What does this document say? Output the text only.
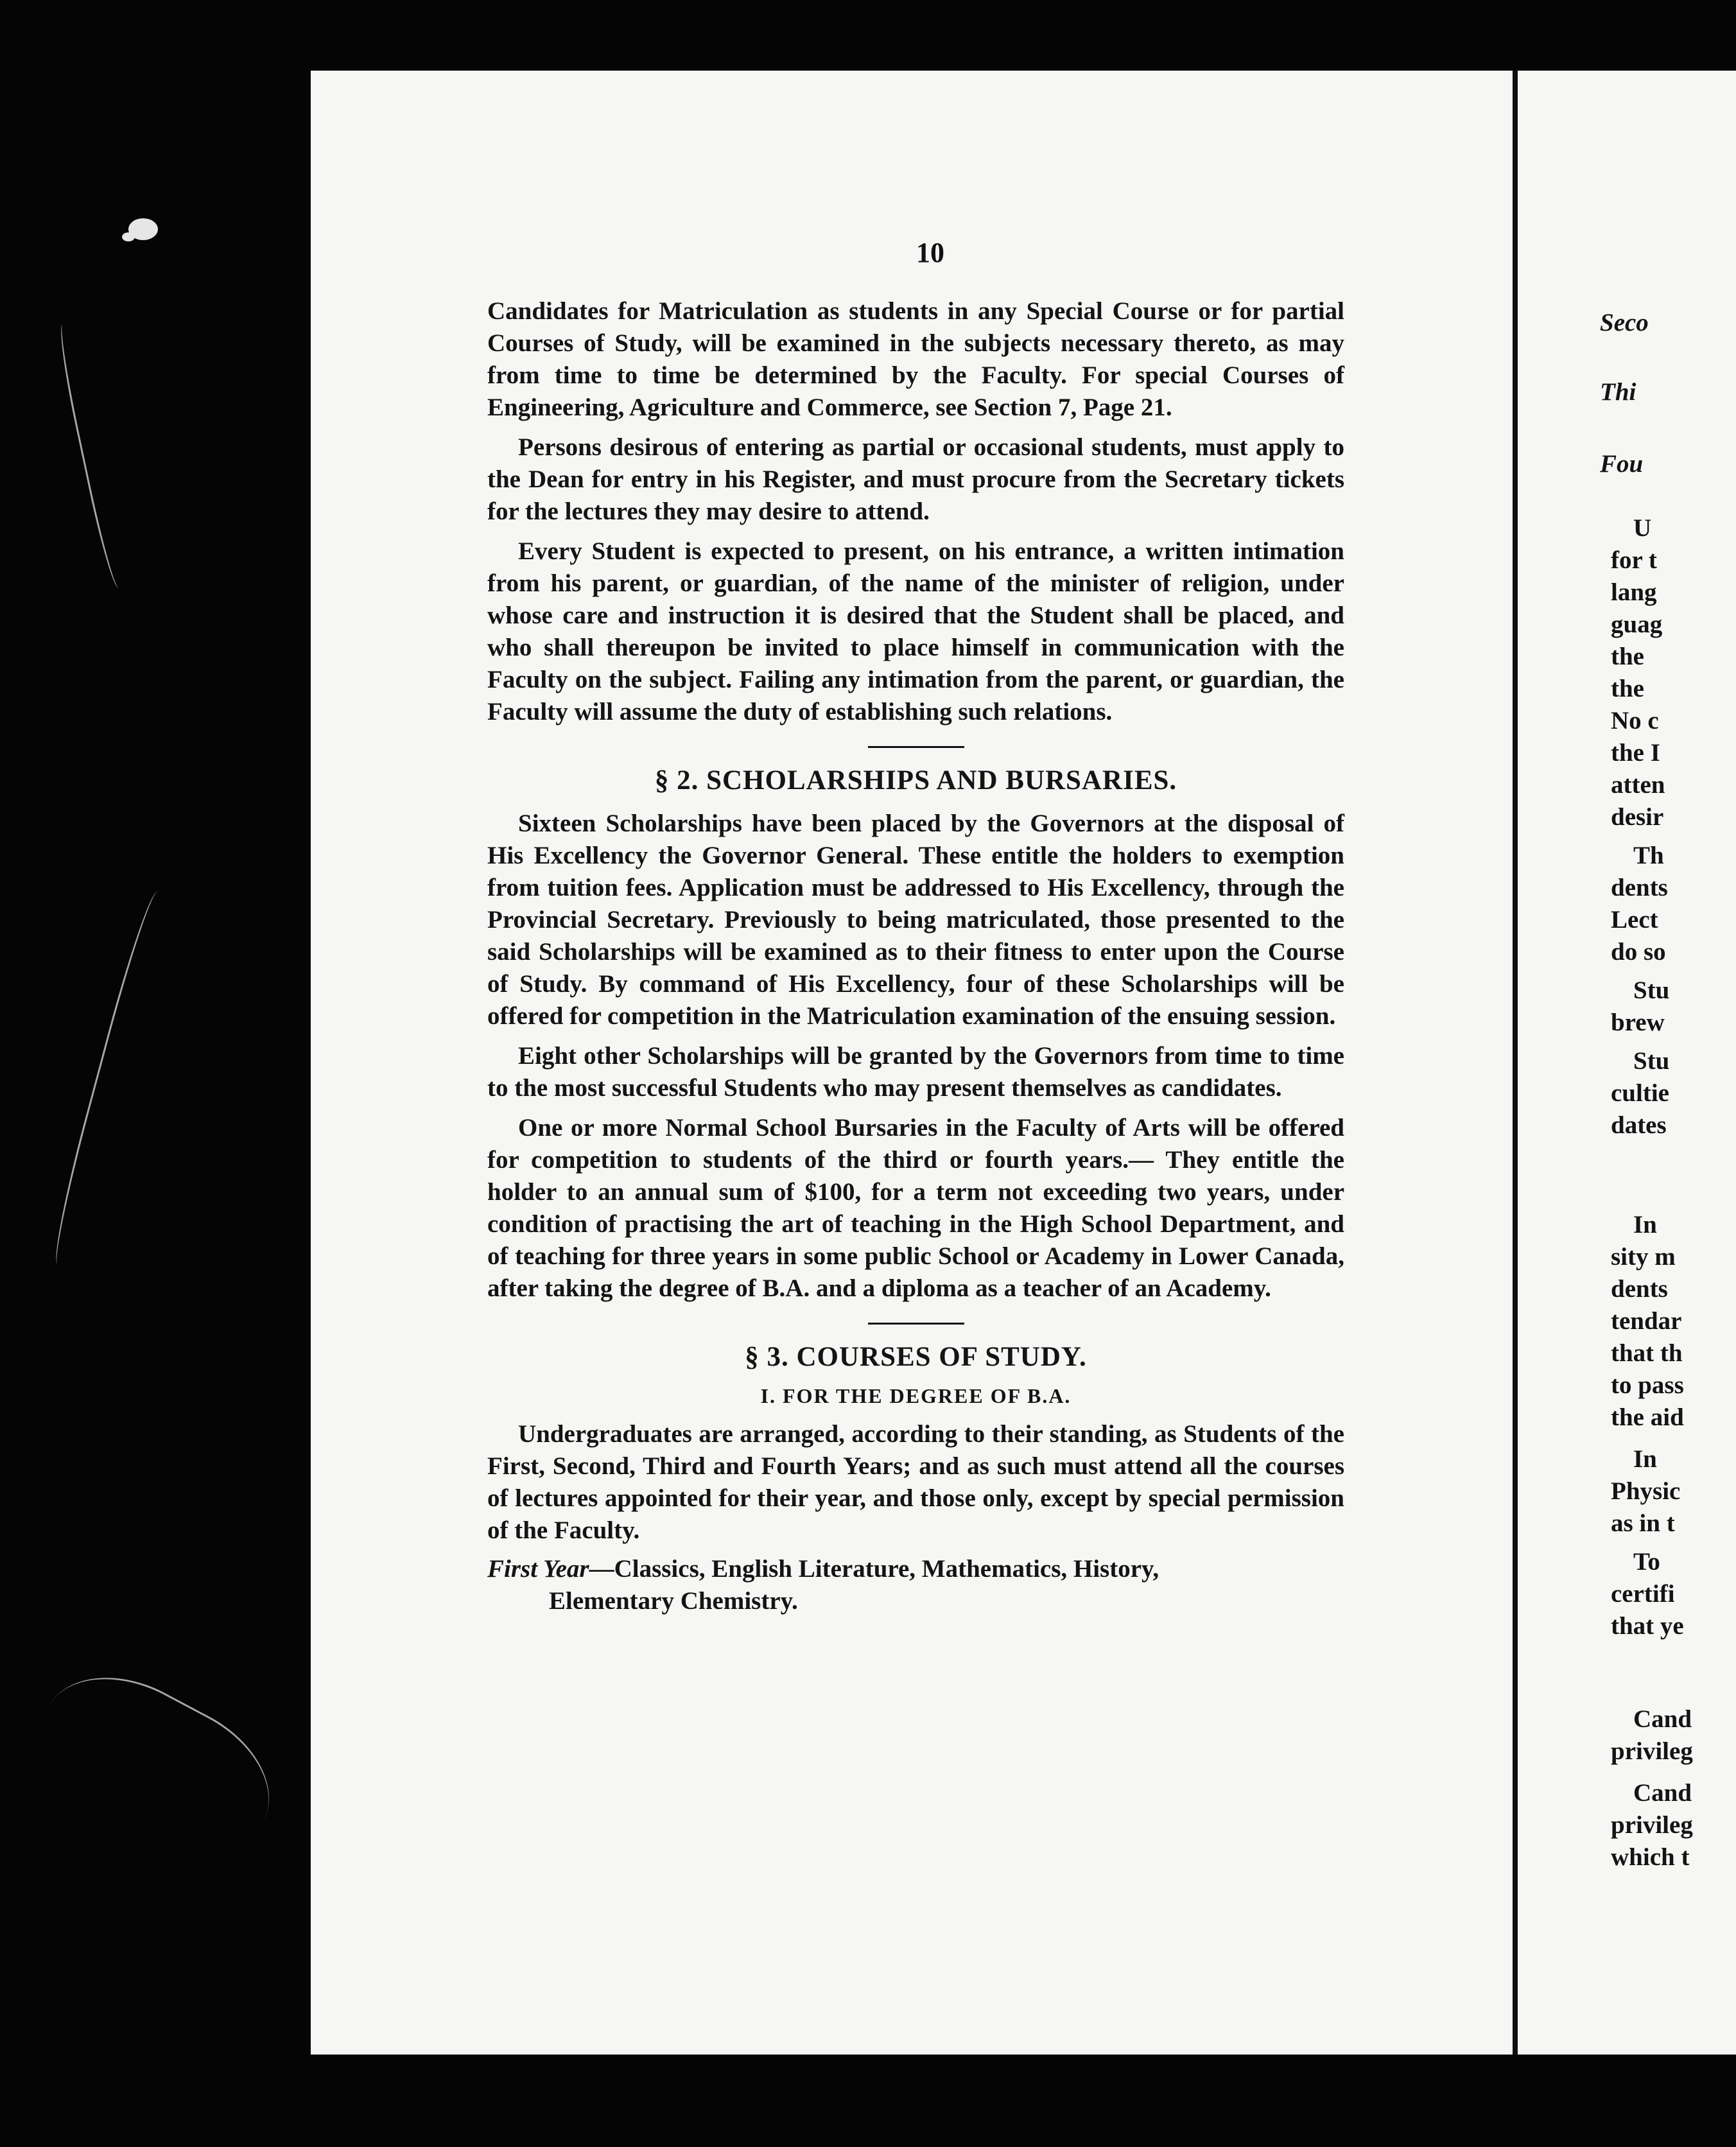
10

Candidates for Matriculation as students in any Special Course or for partial Courses of Study, will be examined in the subjects necessary thereto, as may from time to time be determined by the Faculty. For special Courses of Engineering, Agriculture and Commerce, see Section 7, Page 21.

Persons desirous of entering as partial or occasional students, must apply to the Dean for entry in his Register, and must procure from the Secretary tickets for the lectures they may desire to attend.

Every Student is expected to present, on his entrance, a written intimation from his parent, or guardian, of the name of the minister of religion, under whose care and instruction it is desired that the Student shall be placed, and who shall thereupon be invited to place himself in communication with the Faculty on the subject. Failing any intimation from the parent, or guardian, the Faculty will assume the duty of establishing such relations.

§ 2. SCHOLARSHIPS AND BURSARIES.

Sixteen Scholarships have been placed by the Governors at the disposal of His Excellency the Governor General. These entitle the holders to exemption from tuition fees. Application must be addressed to His Excellency, through the Provincial Secretary. Previously to being matriculated, those presented to the said Scholarships will be examined as to their fitness to enter upon the Course of Study. By command of His Excellency, four of these Scholarships will be offered for competition in the Matriculation examination of the ensuing session.

Eight other Scholarships will be granted by the Governors from time to time to the most successful Students who may present themselves as candidates.

One or more Normal School Bursaries in the Faculty of Arts will be offered for competition to students of the third or fourth years.— They entitle the holder to an annual sum of $100, for a term not exceeding two years, under condition of practising the art of teaching in the High School Department, and of teaching for three years in some public School or Academy in Lower Canada, after taking the degree of B.A. and a diploma as a teacher of an Academy.

§ 3. COURSES OF STUDY.
I. FOR THE DEGREE OF B.A.

Undergraduates are arranged, according to their standing, as Students of the First, Second, Third and Fourth Years; and as such must attend all the courses of lectures appointed for their year, and those only, except by special permission of the Faculty.

First Year—Classics, English Literature, Mathematics, History,
Elementary Chemistry.
Seco
Thi
Fou
U
for t
lang
guag
the
the
No c
the I
atten
desir
Th
dents
Lect
do so
Stu
brew
Stu
cultie
dates
In
sity m
dents
tendar
that th
to pass
the aid
In
Physic
as in t
To
certifi
that ye
Cand
privileg
Cand
privileg
which t
